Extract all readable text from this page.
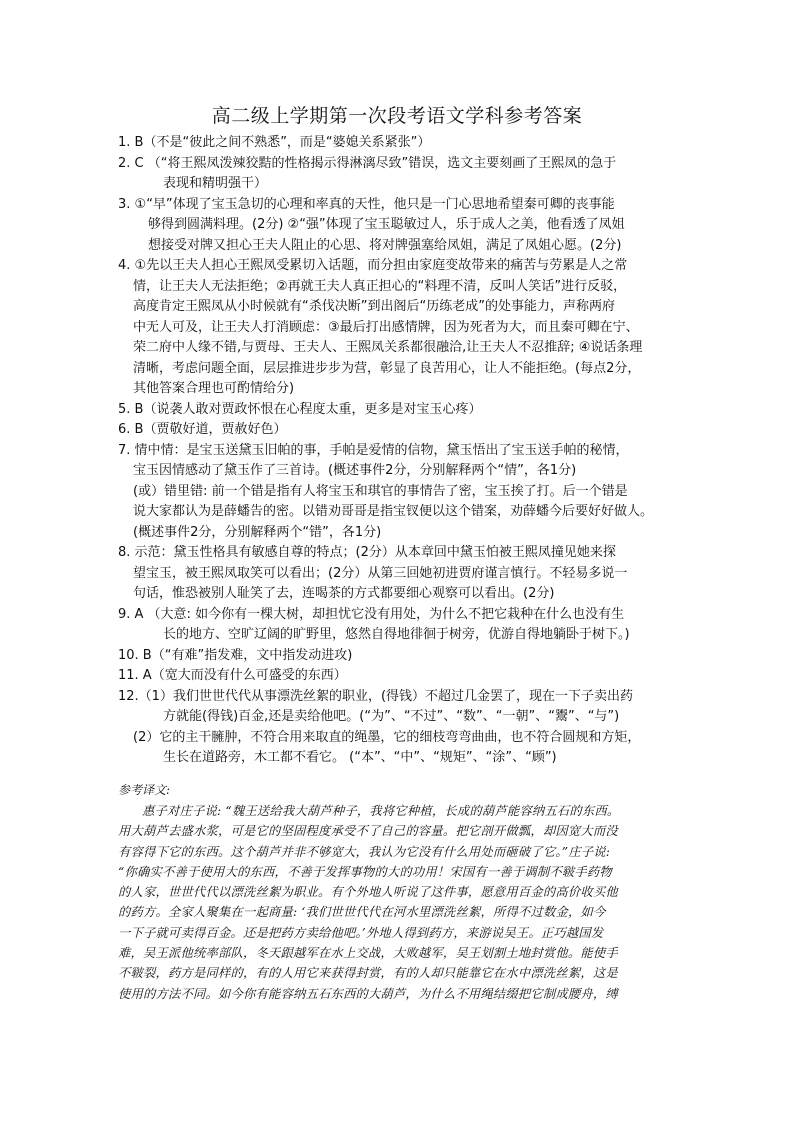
高二级上学期第一次段考语文学科参考答案
1. B（不是“彼此之间不熟悉”，而是“婆媳关系紧张”）
2. C （“将王熙凤泼辣狡黠的性格揭示得淋漓尽致”错误，选文主要刻画了王熙凤的急于
表现和精明强干）
3. ①“早”体现了宝玉急切的心理和率真的天性，他只是一门心思地希望秦可卿的丧事能
够得到圆满料理。(2分) ②“强”体现了宝玉聪敏过人，乐于成人之美，他看透了凤姐
想接受对牌又担心王夫人阻止的心思、将对牌强塞给凤姐，满足了凤姐心愿。(2分)
4. ①先以王夫人担心王熙凤受累切入话题，而分担由家庭变故带来的痛苦与劳累是人之常
情，让王夫人无法拒绝；②再就王夫人真正担心的“料理不清，反叫人笑话”进行反驳，
高度肯定王熙凤从小时候就有“杀伐决断”到出阁后“历练老成”的处事能力，声称两府
中无人可及，让王夫人打消顾虑：③最后打出感情牌，因为死者为大，而且秦可卿在宁、
荣二府中人缘不错,与贾母、王夫人、王熙凤关系都很融洽,让王夫人不忍推辞; ④说话条理
清晰，考虑问题全面，层层推进步步为营，彰显了良苦用心，让人不能拒绝。(每点2分，
其他答案合理也可酌情给分)
5. B（说袭人敢对贾政怀恨在心程度太重，更多是对宝玉心疼）
6. B（贾敬好道，贾赦好色）
7. 情中情：是宝玉送黛玉旧帕的事，手帕是爱情的信物，黛玉悟出了宝玉送手帕的秘情，
宝玉因情感动了黛玉作了三首诗。(概述事件2分，分别解释两个“情”，各1分)
(或）错里错: 前一个错是指有人将宝玉和琪官的事情告了密，宝玉挨了打。后一个错是
说大家都认为是薛蟠告的密。以错劝哥哥是指宝钗便以这个错案，劝薛蟠今后要好好做人。
(概述事件2分，分别解释两个“错”，各1分)
8. 示范：黛玉性格具有敏感自尊的特点；(2分）从本章回中黛玉怕被王熙凤撞见她来探
望宝玉，被王熙凤取笑可以看出；(2分）从第三回她初进贾府谨言慎行。不轻易多说一
句话，惟恐被别人耻笑了去，连喝茶的方式都要细心观察可以看出。(2分)
9. A （大意: 如今你有一棵大树，却担忧它没有用处，为什么不把它栽种在什么也没有生
长的地方、空旷辽阔的旷野里，悠然自得地徘徊于树旁，优游自得地躺卧于树下。)
10. B（“有难”指发难，文中指发动进攻)
11. A（宽大而没有什么可盛受的东西）
12.（1）我们世世代代从事漂洗丝絮的职业，(得钱）不超过几金罢了，现在一下子卖出药
方就能(得钱)百金,还是卖给他吧。(“为”、“不过”、“数”、“一朝”、“鬻”、“与”)
(2）它的主干臃肿，不符合用来取直的绳墨，它的细枝弯弯曲曲，也不符合圆规和方矩，
生长在道路旁，木工都不看它。 (“本”、“中”、“规矩”、“涂”、“顾”)
参考译文:
惠子对庄子说: “魏王送给我大葫芦种子，我将它种植，长成的葫芦能容纳五石的东西。
用大葫芦去盛水浆，可是它的坚固程度承受不了自己的容量。把它剖开做瓢，却因宽大而没
有容得下它的东西。这个葫芦并非不够宽大，我认为它没有什么用处而砸破了它。”庄子说:
“你确实不善于使用大的东西，不善于发挥事物的大的功用！宋国有一善于调制不皲手药物
的人家，世世代代以漂洗丝絮为职业。有个外地人听说了这件事，愿意用百金的高价收买他
的药方。全家人聚集在一起商量: ‘我们世世代代在河水里漂洗丝絮，所得不过数金，如今
一下子就可卖得百金。还是把药方卖给他吧。’外地人得到药方，来游说吴王。正巧越国发
难，吴王派他统率部队，冬天跟越军在水上交战，大败越军，吴王划割土地封赏他。能使手
不皲裂，药方是同样的，有的人用它来获得封赏，有的人却只能靠它在水中漂洗丝絮，这是
使用的方法不同。如今你有能容纳五石东西的大葫芦，为什么不用绳结缀把它制成腰舟，缚
